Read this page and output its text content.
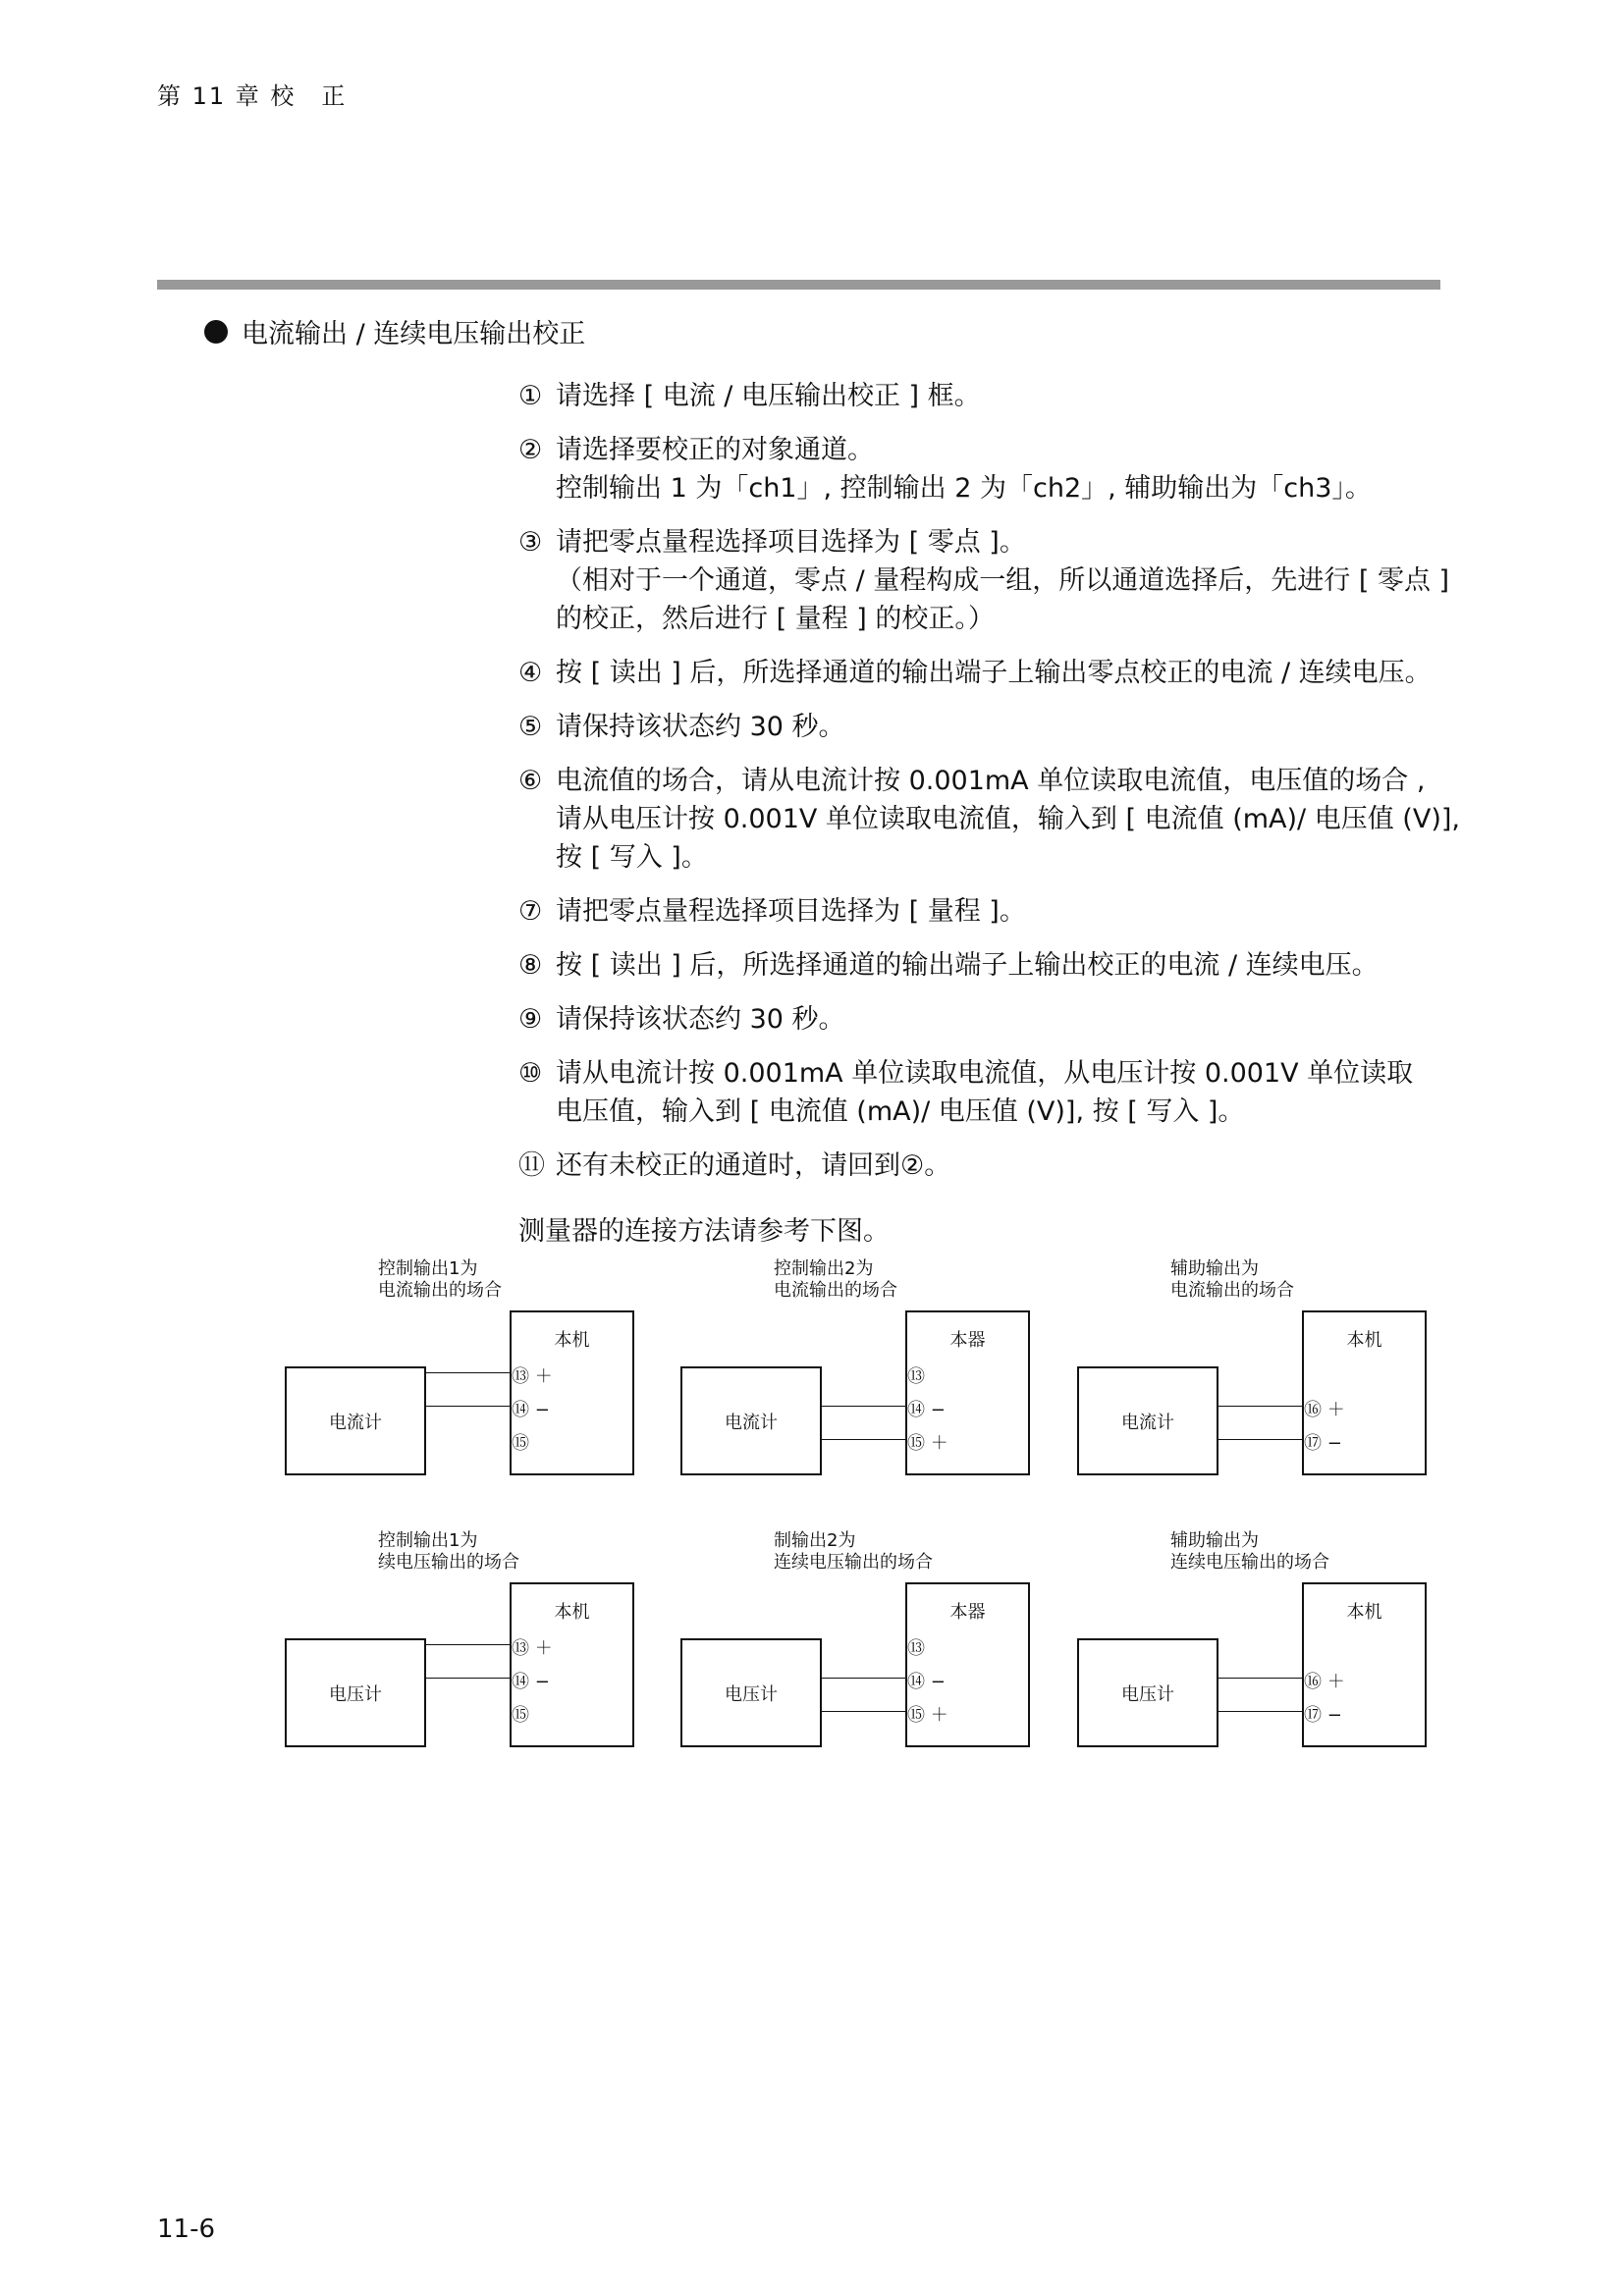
第 11 章 校　正
电流输出 / 连续电压输出校正
① 请选择 [ 电流 / 电压输出校正 ] 框。
② 请选择要校正的对象通道。
控制输出 1 为「ch1」, 控制输出 2 为「ch2」, 辅助输出为「ch3」。
③ 请把零点量程选择项目选择为 [ 零点 ]。
（相对于一个通道，零点 / 量程构成一组，所以通道选择后，先进行 [ 零点 ]
的校正，然后进行 [ 量程 ] 的校正。）
④ 按 [ 读出 ] 后，所选择通道的输出端子上输出零点校正的电流 / 连续电压。
⑤ 请保持该状态约 30 秒。
⑥ 电流值的场合，请从电流计按 0.001mA 单位读取电流值，电压值的场合 ,
请从电压计按 0.001V 单位读取电流值，输入到 [ 电流值 (mA)/ 电压值 (V)],
按 [ 写入 ]。
⑦ 请把零点量程选择项目选择为 [ 量程 ]。
⑧ 按 [ 读出 ] 后，所选择通道的输出端子上输出校正的电流 / 连续电压。
⑨ 请保持该状态约 30 秒。
⑩ 请从电流计按 0.001mA 单位读取电流值，从电压计按 0.001V 单位读取
电压值，输入到 [ 电流值 (mA)/ 电压值 (V)], 按 [ 写入 ]。
⑪ 还有未校正的通道时，请回到②。
测量器的连接方法请参考下图。
控制输出1为
电流输出的场合
电流计
本机
⑬ ＋
⑭ −
⑮
控制输出2为
电流输出的场合
电流计
本器
⑬
⑭ −
⑮ ＋
辅助输出为
电流输出的场合
电流计
本机
⑯ ＋
⑰ −
控制输出1为
续电压输出的场合
电压计
本机
⑬ ＋
⑭ −
⑮
制输出2为
连续电压输出的场合
电压计
本器
⑬
⑭ −
⑮ ＋
辅助输出为
连续电压输出的场合
电压计
本机
⑯ ＋
⑰ −
11-6
